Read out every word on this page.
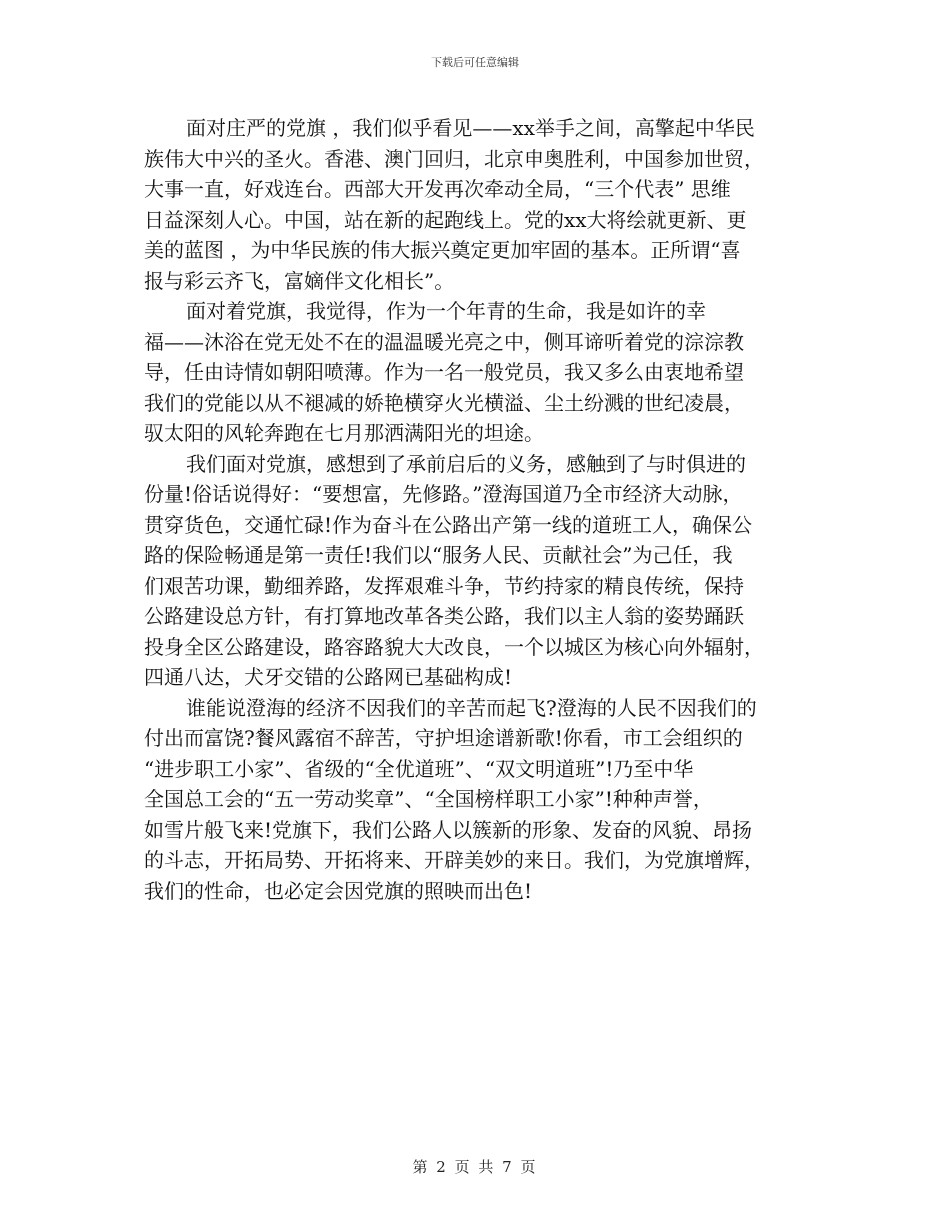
下载后可任意编辑
面对庄严的党旗 ，我们似乎看见——xx举手之间，高擎起中华民
族伟大中兴的圣火。香港、澳门回归，北京申奥胜利，中国参加世贸，
大事一直，好戏连台。西部大开发再次牵动全局，“三个代表” 思维
日益深刻人心。中国，站在新的起跑线上。党的xx大将绘就更新、更
美的蓝图 ，为中华民族的伟大振兴奠定更加牢固的基本。正所谓“喜
报与彩云齐飞，富嫡伴文化相长”。
面对着党旗，我觉得，作为一个年青的生命，我是如许的幸
福——沐浴在党无处不在的温温暖光亮之中，侧耳谛听着党的淙淙教
导，任由诗情如朝阳喷薄。作为一名一般党员，我又多么由衷地希望
我们的党能以从不褪减的娇艳横穿火光横溢、尘土纷溅的世纪凌晨，
驭太阳的风轮奔跑在七月那洒满阳光的坦途。
我们面对党旗，感想到了承前启后的义务，感触到了与时俱进的
份量!俗话说得好：“要想富，先修路。”澄海国道乃全市经济大动脉，
贯穿货色，交通忙碌!作为奋斗在公路出产第一线的道班工人，确保公
路的保险畅通是第一责任!我们以“服务人民、贡献社会”为己任，我
们艰苦功课，勤细养路，发挥艰难斗争，节约持家的精良传统，保持
公路建设总方针，有打算地改革各类公路，我们以主人翁的姿势踊跃
投身全区公路建设，路容路貌大大改良，一个以城区为核心向外辐射，
四通八达，犬牙交错的公路网已基础构成!
谁能说澄海的经济不因我们的辛苦而起飞?澄海的人民不因我们的
付出而富饶?餐风露宿不辞苦，守护坦途谱新歌!你看，市工会组织的
“进步职工小家”、省级的“全优道班”、“双文明道班”!乃至中华
全国总工会的“五一劳动奖章”、“全国榜样职工小家”!种种声誉，
如雪片般飞来!党旗下，我们公路人以簇新的形象、发奋的风貌、昂扬
的斗志，开拓局势、开拓将来、开辟美妙的来日。我们，为党旗增辉，
我们的性命，也必定会因党旗的照映而出色!
第 2 页 共 7 页
